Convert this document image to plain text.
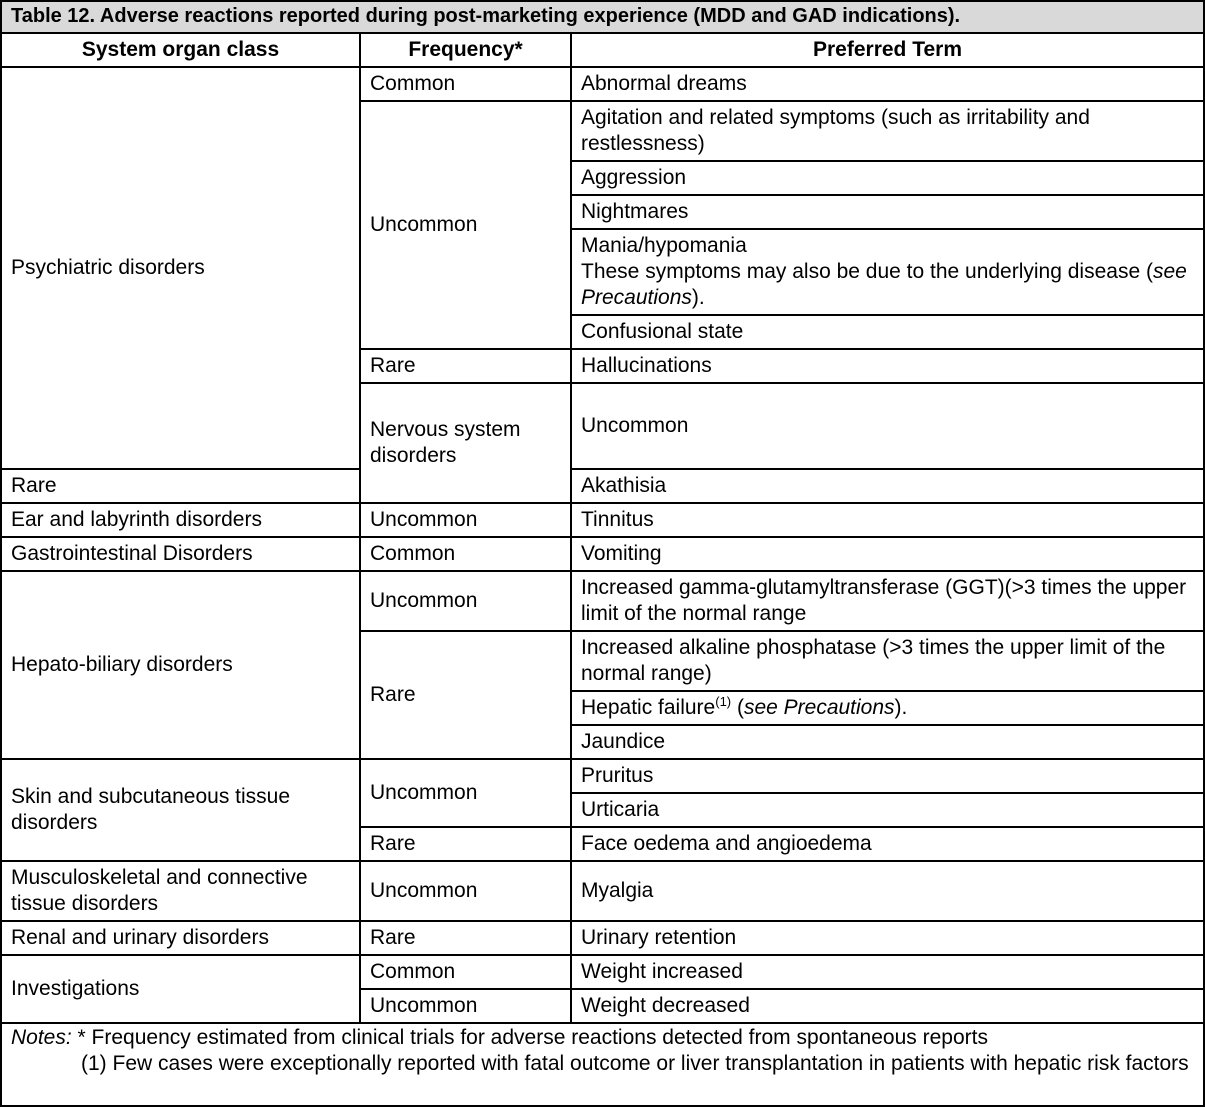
Table 12. Adverse reactions reported during post-marketing experience (MDD and GAD indications).			
System organ class	Frequency*	Preferred Term	
Psychiatric disorders	Common	Abnormal dreams	
	Uncommon	Agitation and related symptoms (such as irritability and restlessness)	
		Aggression	
		Nightmares	
		Mania/hypomania
These symptoms may also be due to the underlying disease (see Precautions).	
		Confusional state	
	Rare	Hallucinations	
	Nervous system disorders	Uncommon	
Rare		Akathisia	
Ear and labyrinth disorders	Uncommon	Tinnitus	
Gastrointestinal Disorders	Common	Vomiting	
Hepato-biliary disorders	Uncommon	Increased gamma-glutamyltransferase (GGT)(>3 times the upper limit of the normal range	
	Rare	Increased alkaline phosphatase (>3 times the upper limit of the normal range)	
		Hepatic failure$^{(1)}$ (see Precautions).	
		Jaundice	
Skin and subcutaneous tissue disorders	Uncommon	Pruritus	
		Urticaria	
	Rare	Face oedema and angioedema	
Musculoskeletal and connective tissue disorders	Uncommon	Myalgia	
Renal and urinary disorders	Rare	Urinary retention	
Investigations	Common	Weight increased	
	Uncommon	Weight decreased	

Notes: * Frequency estimated from clinical trials for adverse reactions detected from spontaneous reports
(1) Few cases were exceptionally reported with fatal outcome or liver transplantation in patients with hepatic risk factors			
